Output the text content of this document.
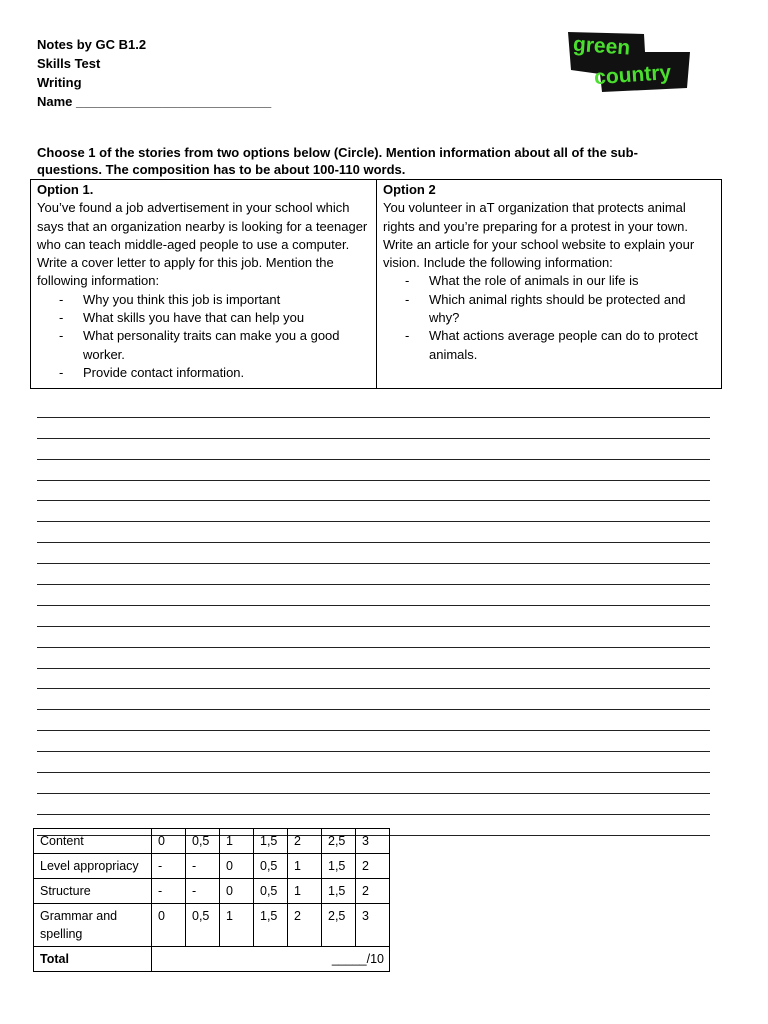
Notes by GC B1.2
Skills Test
Writing
Name ___________________________
green
country
Choose 1 of the stories from two options below (Circle). Mention information about all of the sub-questions. The composition has to be about 100-110 words.
Option 1.
You’ve found a job advertisement in your school which says that an organization nearby is looking for a teenager who can teach middle-aged people to use a computer. Write a cover letter to apply for this job. Mention the following information:
- Why you think this job is important
- What skills you have that can help you
- What personality traits can make you a good worker.
- Provide contact information.
Option 2
You volunteer in aT organization that protects animal rights and you’re preparing for a protest in your town. Write an article for your school website to explain your vision. Include the following information:
- What the role of animals in our life is
- Which animal rights should be protected and why?
- What actions average people can do to protect animals.
Content	0	0,5	1	1,5	2	2,5	3
Level appropriacy	-	-	0	0,5	1	1,5	2
Structure	-	-	0	0,5	1	1,5	2
Grammar and spelling	0	0,5	1	1,5	2	2,5	3
Total	_____/10						
